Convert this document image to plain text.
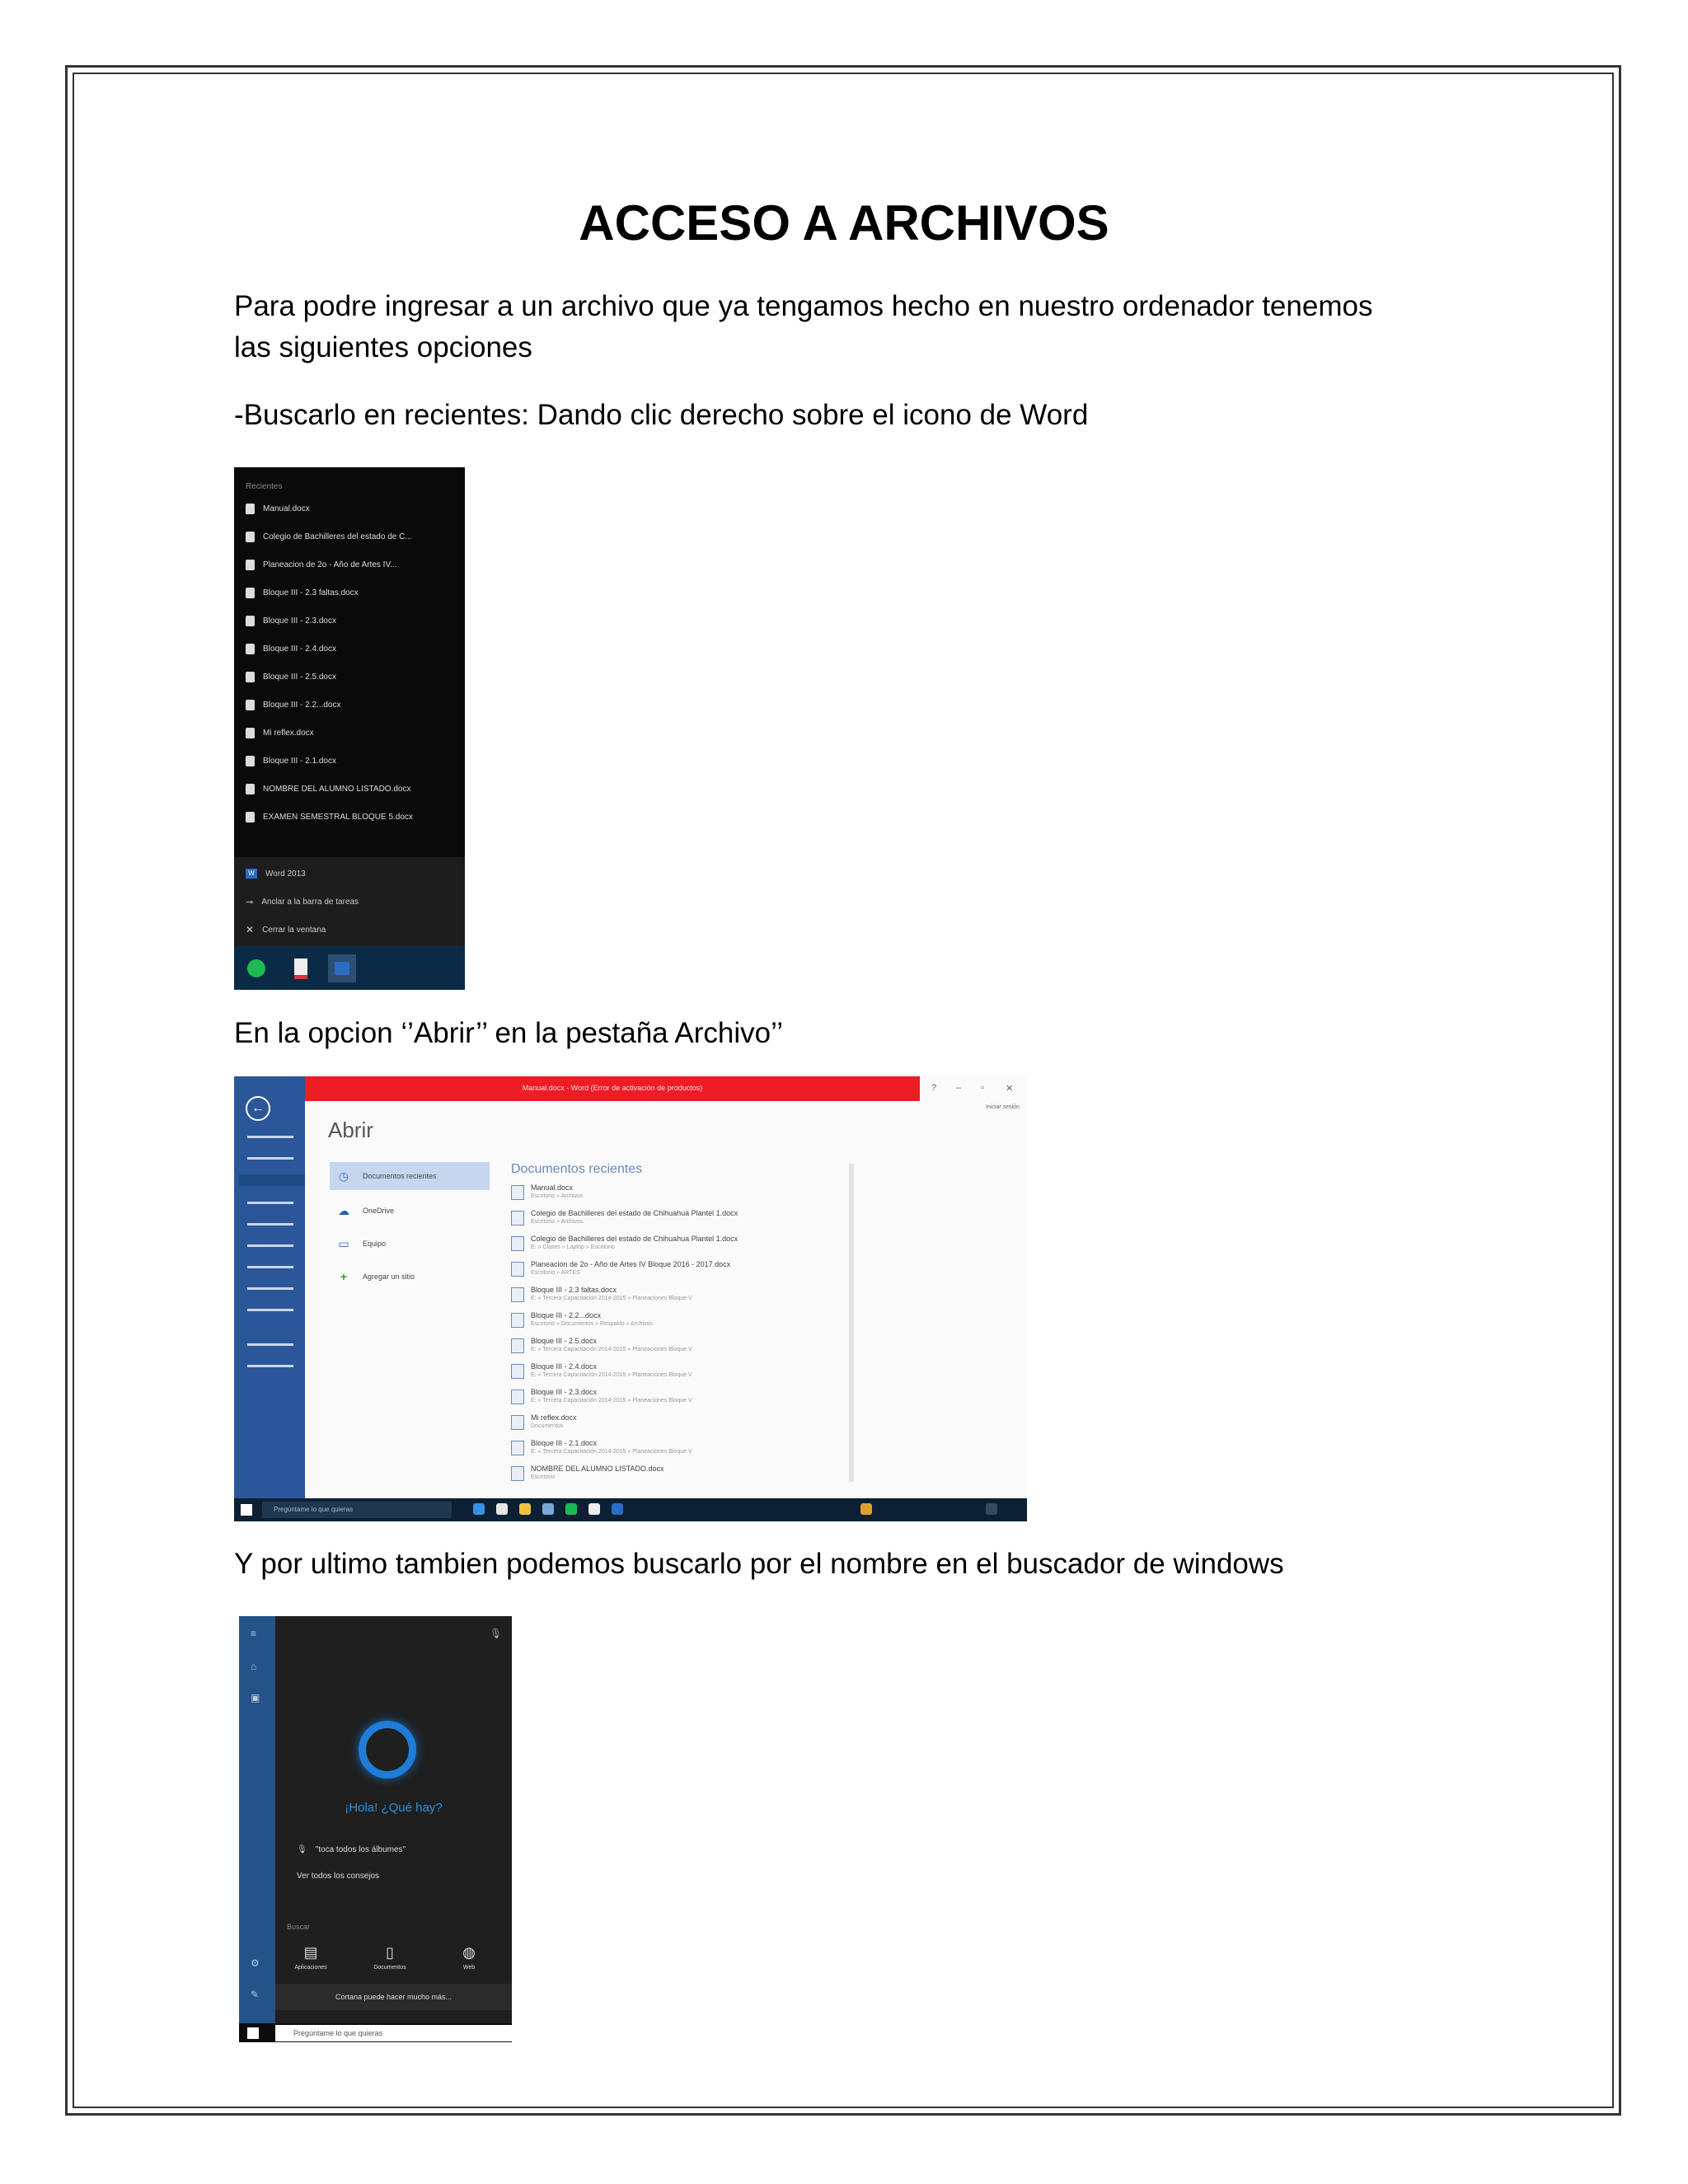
ACCESO A ARCHIVOS
Para podre ingresar a un archivo que ya tengamos hecho en nuestro ordenador tenemos
las siguientes opciones
-Buscarlo en recientes: Dando clic derecho sobre el icono de Word
Recientes
Manual.docx
Colegio de Bachilleres del estado de C...
Planeacion de 2o - Año de Artes IV...
Bloque III - 2.3 faltas.docx
Bloque III - 2.3.docx
Bloque III - 2.4.docx
Bloque III - 2.5.docx
Bloque III - 2.2...docx
Mi reflex.docx
Bloque III - 2.1.docx
NOMBRE DEL ALUMNO LISTADO.docx
EXAMEN SEMESTRAL BLOQUE 5.docx
W	Word 2013
⊸ Anclar a la barra de tareas
✕ Cerrar la ventana
En la opcion ‘’Abrir’’ en la pestaña Archivo’’
←
Manual.docx - Word (Error de activación de productos)	? – ▫ ✕
Iniciar sesión
Abrir
◷	Documentos recientes
☁ OneDrive
▭ Equipo
+	Agregar un sitio
Documentos recientes
Manual.docx
Escritorio » Archivos
Colegio de Bachilleres del estado de Chihuahua Plantel 1.docx
Escritorio » Archivos
Colegio de Bachilleres del estado de Chihuahua Plantel 1.docx
E: » Clases » Laptop » Escritorio
Planeacion de 2o - Año de Artes IV Bloque 2016 - 2017.docx
Escritorio » ARTES
Bloque III - 2.3 faltas.docx
E: » Tercera Capacitación 2014-2015 » Planeaciones Bloque V
Bloque III - 2.2...docx
Escritorio » Documentos » Respaldo » Archivos
Bloque III - 2.5.docx
E: » Tercera Capacitación 2014-2015 » Planeaciones Bloque V
Bloque III - 2.4.docx
E: » Tercera Capacitación 2014-2015 » Planeaciones Bloque V
Bloque III - 2.3.docx
E: » Tercera Capacitación 2014-2015 » Planeaciones Bloque V
Mi reflex.docx
Documentos
Bloque III - 2.1.docx
E: » Tercera Capacitación 2014-2015 » Planeaciones Bloque V
NOMBRE DEL ALUMNO LISTADO.docx
Escritorio
Pregúntame lo que quieras
Y por ultimo tambien podemos buscarlo por el nombre en el buscador de windows
≡
⌂
▣
⚙
✎
🎙
¡Hola! ¿Qué hay?
🎙 "toca todos los álbumes"
Ver todos los consejos
Buscar
▤
Aplicaciones
▯
Documentos
◍
Web
Cortana puede hacer mucho más...
Pregúntame lo que quieras
